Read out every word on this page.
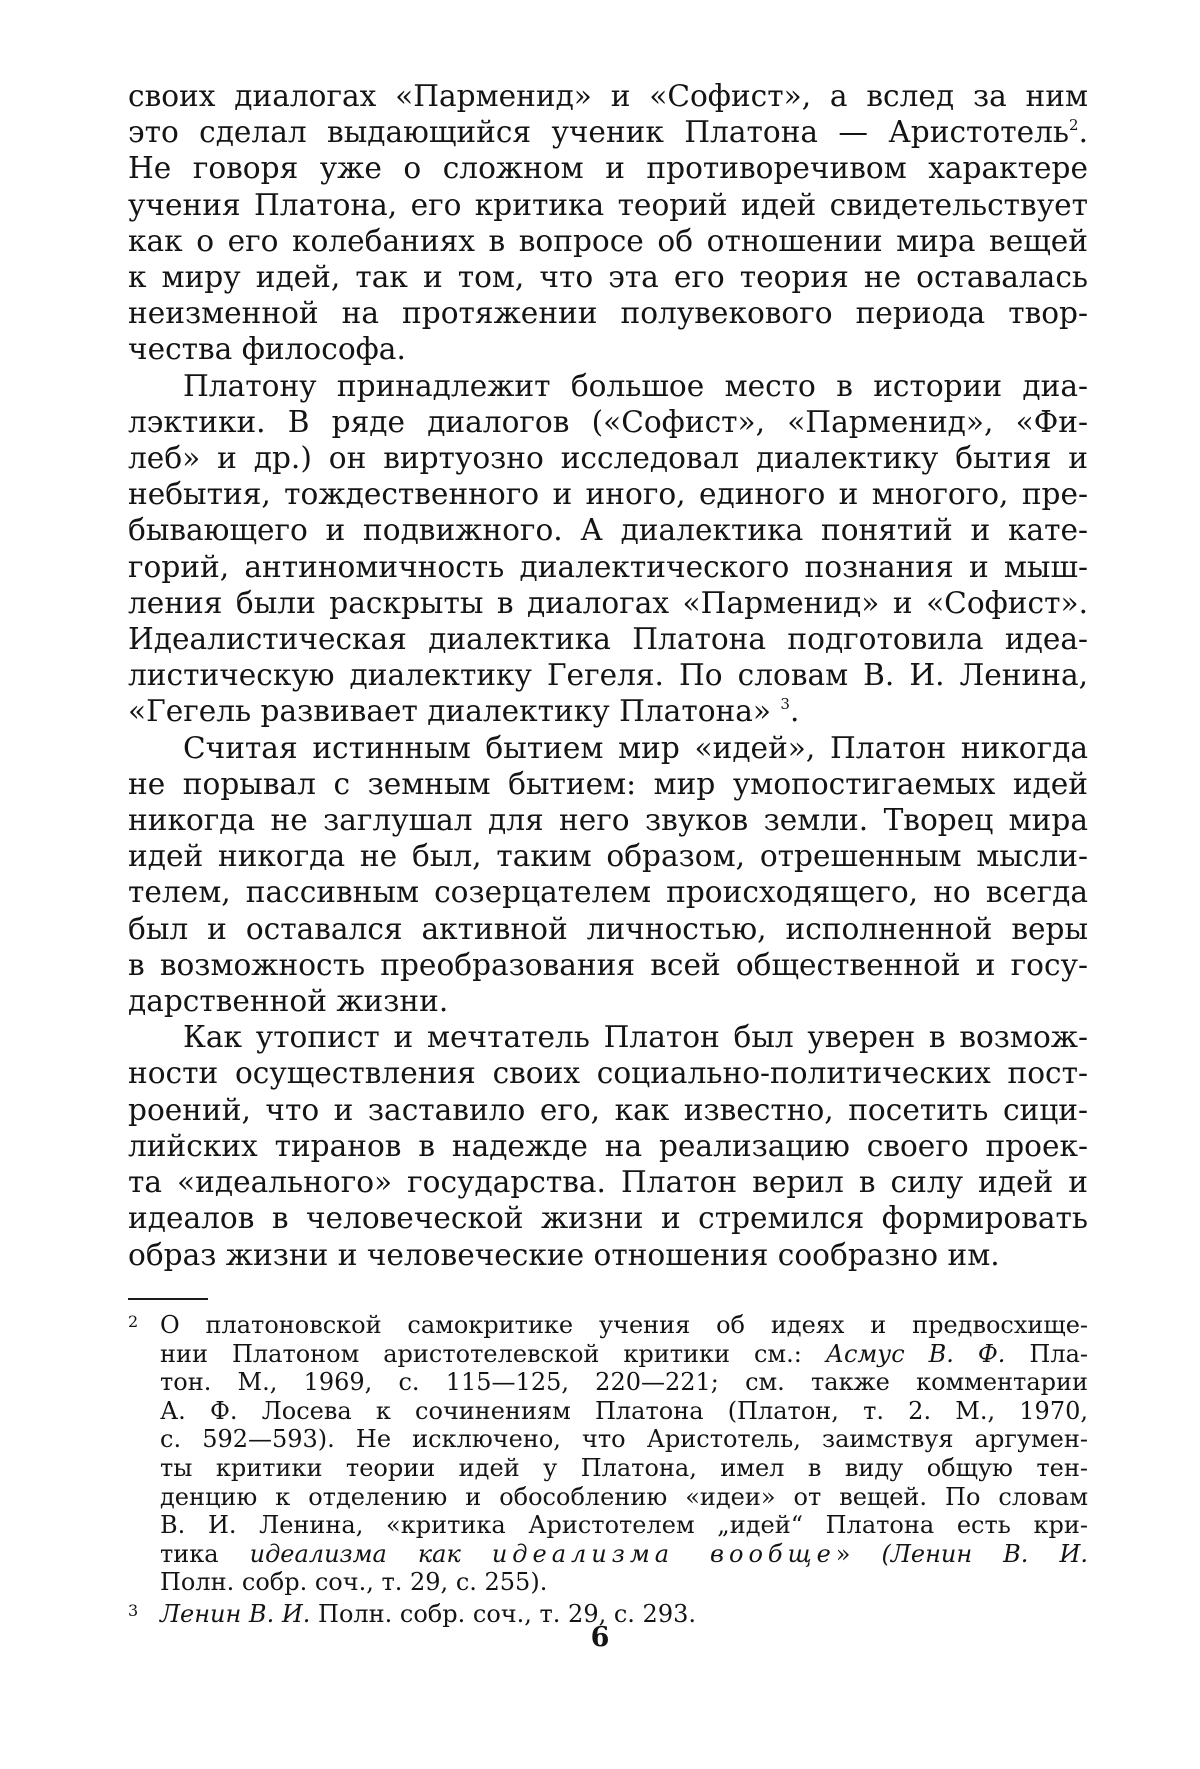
своих диалогах «Парменид» и «Софист», а вслед за ним
это сделал выдающийся ученик Платона — Аристотель$^2$.
Не говоря уже о сложном и противоречивом характере
учения Платона, его критика теорий идей свидетельствует
как о его колебаниях в вопросе об отношении мира вещей
к миру идей, так и том, что эта его теория не оставалась
неизменной на протяжении полувекового периода твор-
чества философа.

Платону принадлежит большое место в истории диа-
лэктики. В ряде диалогов («Софист», «Парменид», «Фи-
леб» и др.) он виртуозно исследовал диалектику бытия и
небытия, тождественного и иного, единого и многого, пре-
бывающего и подвижного. А диалектика понятий и кате-
горий, антиномичность диалектического познания и мыш-
ления были раскрыты в диалогах «Парменид» и «Софист».
Идеалистическая диалектика Платона подготовила идеа-
листическую диалектику Гегеля. По словам В. И. Ленина,
«Гегель развивает диалектику Платона» $^3$.

Считая истинным бытием мир «идей», Платон никогда
не порывал с земным бытием: мир умопостигаемых идей
никогда не заглушал для него звуков земли. Творец мира
идей никогда не был, таким образом, отрешенным мысли-
телем, пассивным созерцателем происходящего, но всегда
был и оставался активной личностью, исполненной веры
в возможность преобразования всей общественной и госу-
дарственной жизни.

Как утопист и мечтатель Платон был уверен в возмож-
ности осуществления своих социально-политических пост-
роений, что и заставило его, как известно, посетить сици-
лийских тиранов в надежде на реализацию своего проек-
та «идеального» государства. Платон верил в силу идей и
идеалов в человеческой жизни и стремился формировать
образ жизни и человеческие отношения сообразно им.

2 О платоновской самокритике учения об идеях и предвосхище-
нии Платоном аристотелевской критики см.: Асмус В. Ф. Пла-
тон. М., 1969, с. 115—125, 220—221; см. также комментарии
А. Ф. Лосева к сочинениям Платона (Платон, т. 2. М., 1970,
с. 592—593). Не исключено, что Аристотель, заимствуя аргумен-
ты критики теории идей у Платона, имел в виду общую тен-
денцию к отделению и обособлению «идеи» от вещей. По словам
В. И. Ленина, «критика Аристотелем „идей“ Платона есть кри-
тика идеализма как идеализма вообще» (Ленин В. И.
Полн. собр. соч., т. 29, с. 255).
3 Ленин В. И. Полн. собр. соч., т. 29, с. 293.
6
